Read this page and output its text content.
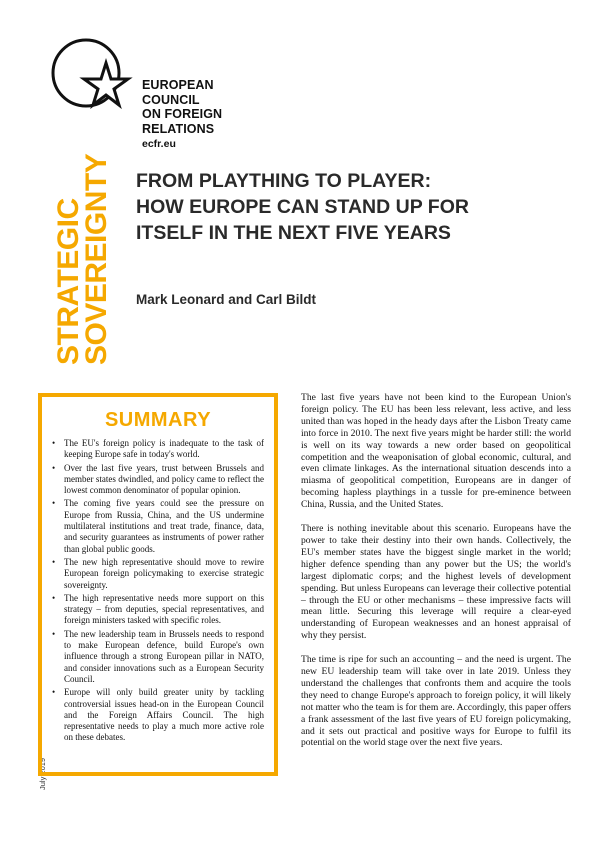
EUROPEAN
COUNCIL
ON FOREIGN
RELATIONS
ecfr.eu
STRATEGIC
SOVEREIGNTY FROM PLAYTHING TO PLAYER:
HOW EUROPE CAN STAND UP FOR
ITSELF IN THE NEXT FIVE YEARS
Mark Leonard and Carl Bildt
July 2019
SUMMARY
• The EU's foreign policy is inadequate to the task of keeping Europe safe in today's world.
• Over the last five years, trust between Brussels and member states dwindled, and policy came to reflect the lowest common denominator of popular opinion.
• The coming five years could see the pressure on Europe from Russia, China, and the US undermine multilateral institutions and treat trade, finance, data, and security guarantees as instruments of power rather than global public goods.
• The new high representative should move to rewire European foreign policymaking to exercise strategic sovereignty.
• The high representative needs more support on this strategy – from deputies, special representatives, and foreign ministers tasked with specific roles.
• The new leadership team in Brussels needs to respond to make European defence, build Europe's own influence through a strong European pillar in NATO, and consider innovations such as a European Security Council.
• Europe will only build greater unity by tackling controversial issues head-on in the European Council and the Foreign Affairs Council. The high representative needs to play a much more active role on these debates.

The last five years have not been kind to the European Union's foreign policy. The EU has been less relevant, less active, and less united than was hoped in the heady days after the Lisbon Treaty came into force in 2010. The next five years might be harder still: the world is well on its way towards a new order based on geopolitical competition and the weaponisation of global economic, cultural, and even climate linkages. As the international situation descends into a miasma of geopolitical competition, Europeans are in danger of becoming hapless playthings in a tussle for pre-eminence between China, Russia, and the United States.

There is nothing inevitable about this scenario. Europeans have the power to take their destiny into their own hands. Collectively, the EU's member states have the biggest single market in the world; higher defence spending than any power but the US; the world's largest diplomatic corps; and the highest levels of development spending. But unless Europeans can leverage their collective potential – through the EU or other mechanisms – these impressive facts will mean little. Securing this leverage will require a clear-eyed understanding of European weaknesses and an honest appraisal of why they persist.

The time is ripe for such an accounting – and the need is urgent. The new EU leadership team will take over in late 2019. Unless they understand the challenges that confronts them and acquire the tools they need to change Europe's approach to foreign policy, it will likely not matter who the team is for them are. Accordingly, this paper offers a frank assessment of the last five years of EU foreign policymaking, and it sets out practical and positive ways for Europe to fulfil its potential on the world stage over the next five years.
